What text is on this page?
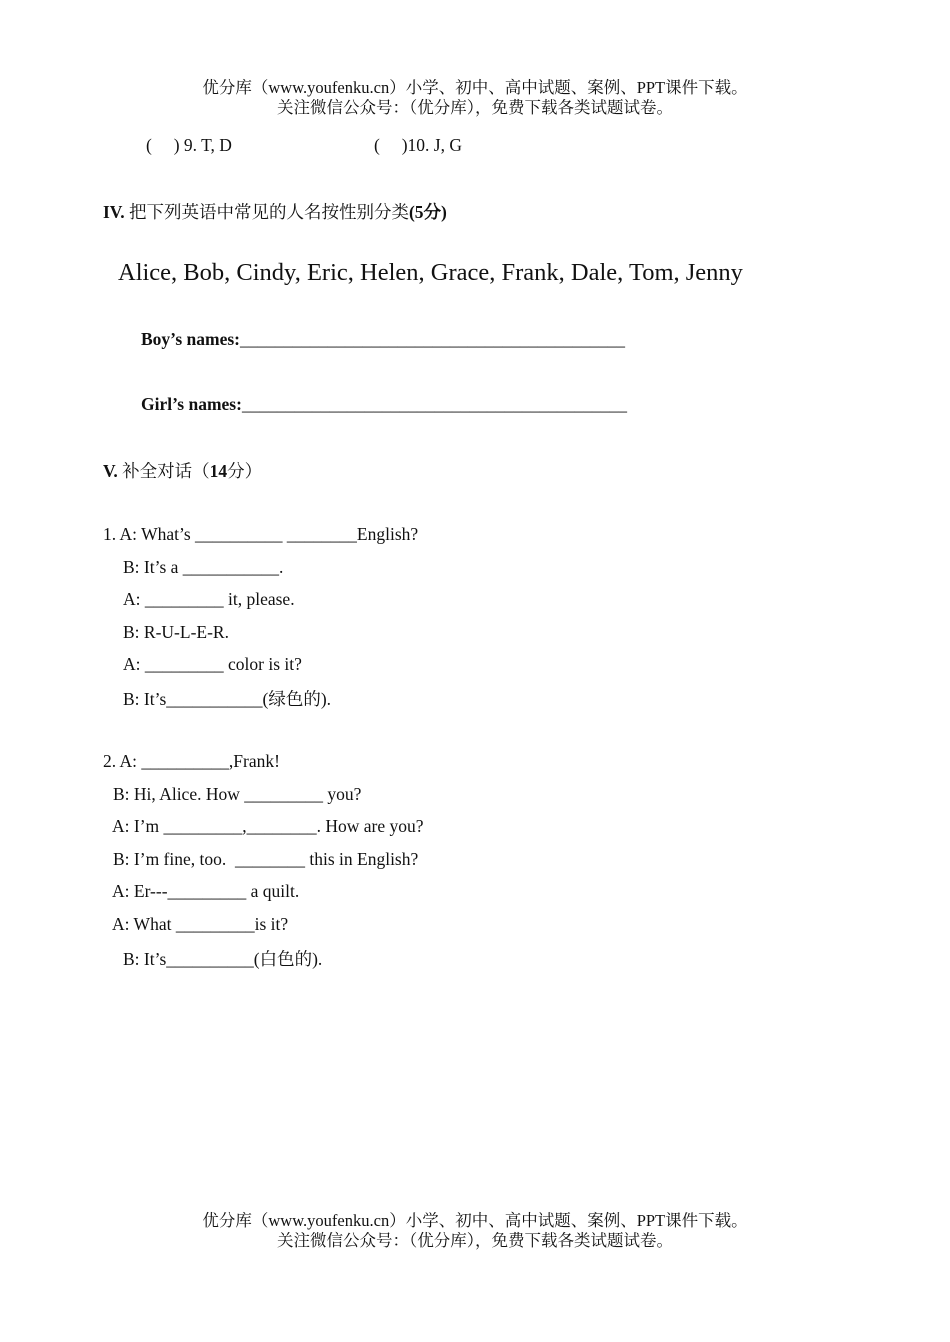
优分库（www.youfenku.cn）小学、初中、高中试题、案例、PPT课件下载。
关注微信公众号：（优分库），免费下载各类试题试卷。
(     ) 9. T, D	(     )10. J, G
IV. 把下列英语中常见的人名按性别分类(5分)
Alice, Bob, Cindy, Eric, Helen, Grace, Frank, Dale, Tom, Jenny
Boy’s names:____________________________________________
Girl’s names:____________________________________________
V. 补全对话（14分）
1. A: What’s __________ ________English?
B: It’s a ___________.
A: _________ it, please.
B: R-U-L-E-R.
A: _________ color is it?
B: It’s___________(绿色的).
2. A: __________,Frank!
B: Hi, Alice. How _________ you?
A: I’m _________,________. How are you?
B: I’m fine, too.  ________ this in English?
A: Er---_________ a quilt.
A: What _________is it?
B: It’s__________(白色的).
优分库（www.youfenku.cn）小学、初中、高中试题、案例、PPT课件下载。
关注微信公众号：（优分库），免费下载各类试题试卷。
